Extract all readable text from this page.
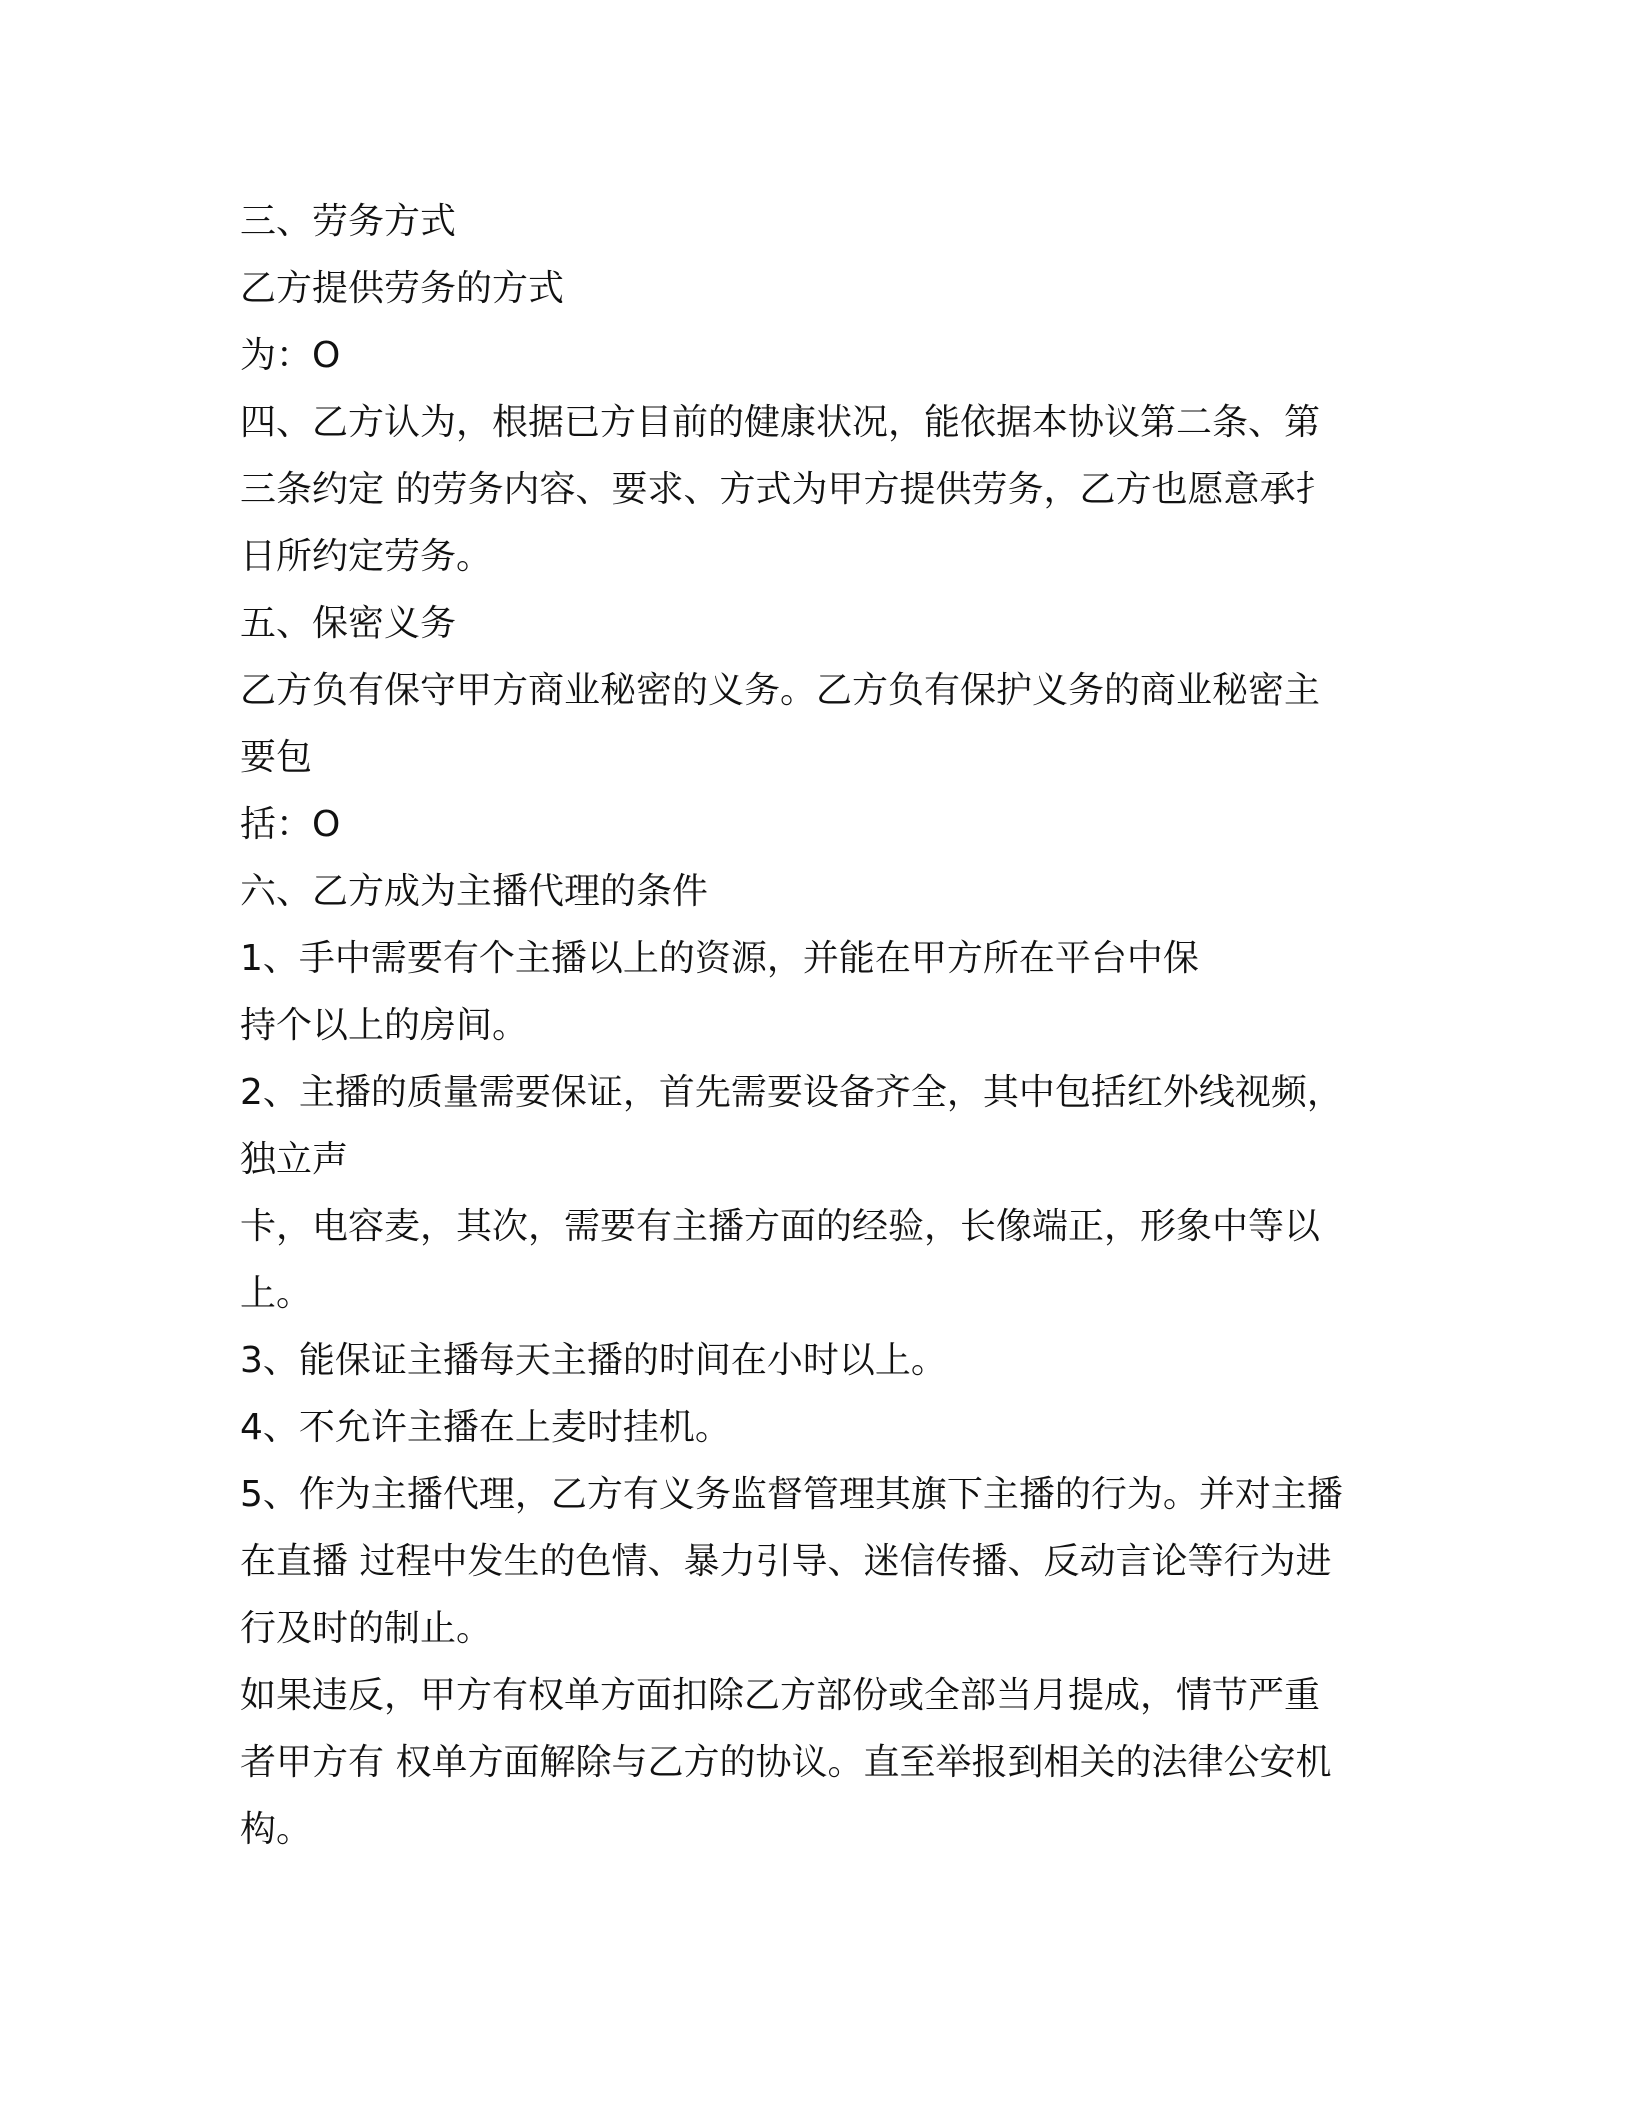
三、劳务方式
乙方提供劳务的方式
为：O
四、乙方认为，根据已方目前的健康状况，能依据本协议第二条、第
三条约定 的劳务内容、要求、方式为甲方提供劳务，乙方也愿意承扌
日所约定劳务。
五、保密义务
乙方负有保守甲方商业秘密的义务。乙方负有保护义务的商业秘密主
要包
括：O
六、乙方成为主播代理的条件
1、手中需要有个主播以上的资源，并能在甲方所在平台中保
持个以上的房间。
2、主播的质量需要保证，首先需要设备齐全，其中包括红外线视频，
独立声
卡，电容麦，其次，需要有主播方面的经验，长像端正，形象中等以
上。
3、能保证主播每天主播的时间在小时以上。
4、不允许主播在上麦时挂机。
5、作为主播代理，乙方有义务监督管理其旗下主播的行为。并对主播
在直播 过程中发生的色情、暴力引导、迷信传播、反动言论等行为进
行及时的制止。
如果违反，甲方有权单方面扣除乙方部份或全部当月提成，情节严重
者甲方有 权单方面解除与乙方的协议。直至举报到相关的法律公安机
构。
